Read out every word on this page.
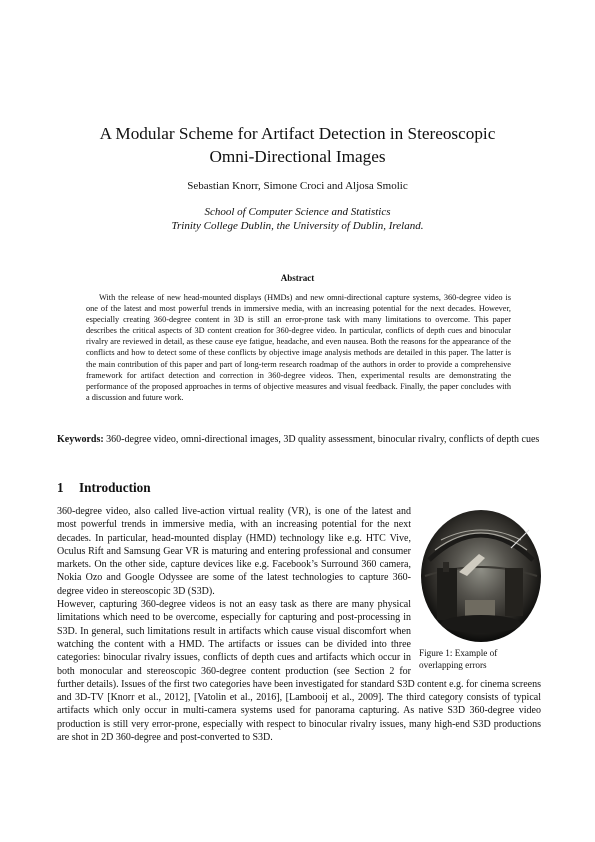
A Modular Scheme for Artifact Detection in Stereoscopic
Omni-Directional Images
Sebastian Knorr, Simone Croci and Aljosa Smolic
School of Computer Science and Statistics
Trinity College Dublin, the University of Dublin, Ireland.
Abstract
With the release of new head-mounted displays (HMDs) and new omni-directional capture systems, 360-degree video is one of the latest and most powerful trends in immersive media, with an increasing potential for the next decades. However, especially creating 360-degree content in 3D is still an error-prone task with many limitations to overcome. This paper describes the critical aspects of 3D content creation for 360-degree video. In particular, conflicts of depth cues and binocular rivalry are reviewed in detail, as these cause eye fatigue, headache, and even nausea. Both the reasons for the appearance of the conflicts and how to detect some of these conflicts by objective image analysis methods are detailed in this paper. The latter is the main contribution of this paper and part of long-term research roadmap of the authors in order to provide a comprehensive framework for artifact detection and correction in 360-degree videos. Then, experimental results are demonstrating the performance of the proposed approaches in terms of objective measures and visual feedback. Finally, the paper concludes with a discussion and future work.
Keywords: 360-degree video, omni-directional images, 3D quality assessment, binocular rivalry, conflicts of depth cues
1 Introduction
Figure 1: Example of overlapping errors
360-degree video, also called live-action virtual reality (VR), is one of the latest and most powerful trends in immersive media, with an increasing potential for the next decades. In particular, head-mounted display (HMD) technology like e.g. HTC Vive, Oculus Rift and Samsung Gear VR is maturing and entering professional and consumer markets. On the other side, capture devices like e.g. Facebook’s Surround 360 camera, Nokia Ozo and Google Odyssee are some of the latest technologies to capture 360-degree video in stereoscopic 3D (S3D).
However, capturing 360-degree videos is not an easy task as there are many physical limitations which need to be overcome, especially for capturing and post-processing in S3D. In general, such limitations result in artifacts which cause visual discomfort when watching the content with a HMD. The artifacts or issues can be divided into three categories: binocular rivalry issues, conflicts of depth cues and artifacts which occur in both monocular and stereoscopic 360-degree content production (see Section 2 for further details). Issues of the first two categories have been investigated for standard S3D content e.g. for cinema screens and 3D-TV [Knorr et al., 2012], [Vatolin et al., 2016], [Lambooij et al., 2009]. The third category consists of typical artifacts which only occur in multi-camera systems used for panorama capturing. As native S3D 360-degree video production is still very error-prone, especially with respect to binocular rivalry issues, many high-end S3D productions are shot in 2D 360-degree and post-converted to S3D.
